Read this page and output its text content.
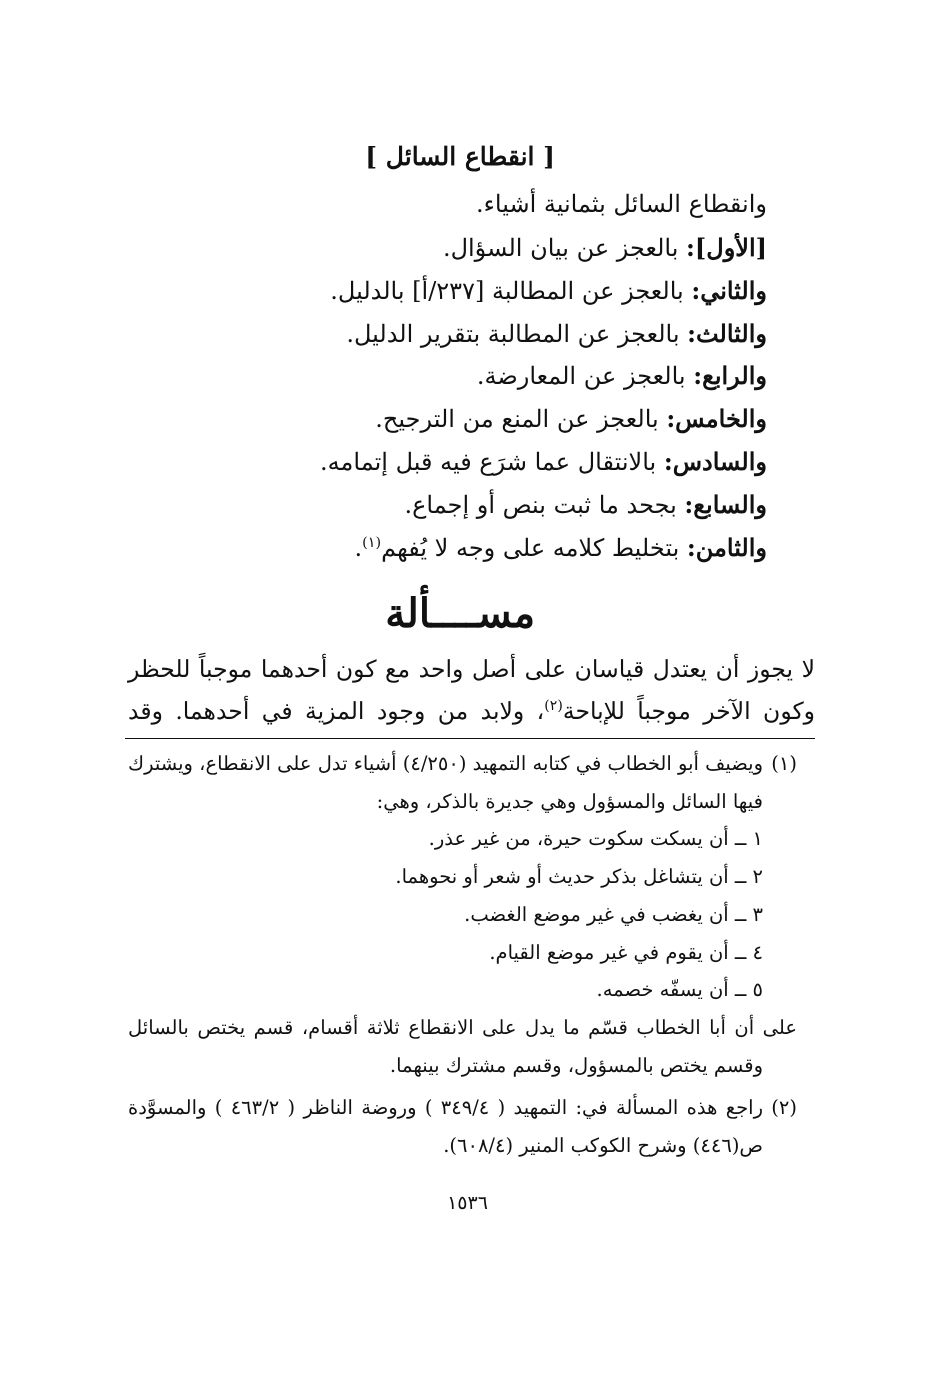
[ انقطاع السائل ]
وانقطاع السائل بثمانية أشياء.
[الأول]: بالعجز عن بيان السؤال.
والثاني: بالعجز عن المطالبة [٢٣٧/أ] بالدليل.
والثالث: بالعجز عن المطالبة بتقرير الدليل.
والرابع: بالعجز عن المعارضة.
والخامس: بالعجز عن المنع من الترجيح.
والسادس: بالانتقال عما شرَع فيه قبل إتمامه.
والسابع: بجحد ما ثبت بنص أو إجماع.
والثامن: بتخليط كلامه على وجه لا يُفهم$^{(١)}$.
مســــألة
لا يجوز أن يعتدل قياسان على أصل واحد مع كون أحدهما موجباً للحظر
وكون الآخر موجباً للإباحة$^{(٢)}$، ولابد من وجود المزية في أحدهما. وقد
(١)
ويضيف أبو الخطاب في كتابه التمهيد (٤/٢٥٠) أشياء تدل على الانقطاع، ويشترك
فيها السائل والمسؤول وهي جديرة بالذكر، وهي:
١ ــ أن يسكت سكوت حيرة، من غير عذر.
٢ ــ أن يتشاغل بذكر حديث أو شعر أو نحوهما.
٣ ــ أن يغضب في غير موضع الغضب.
٤ ــ أن يقوم في غير موضع القيام.
٥ ــ أن يسفّه خصمه.
على أن أبا الخطاب قسّم ما يدل على الانقطاع ثلاثة أقسام، قسم يختص بالسائل
وقسم يختص بالمسؤول، وقسم مشترك بينهما.
(٢)
راجع هذه المسألة في: التمهيد ( ٣٤٩/٤ ) وروضة الناظر ( ٤٦٣/٢ ) والمسوَّدة
ص(٤٤٦) وشرح الكوكب المنير (٦٠٨/٤).
١٥٣٦
